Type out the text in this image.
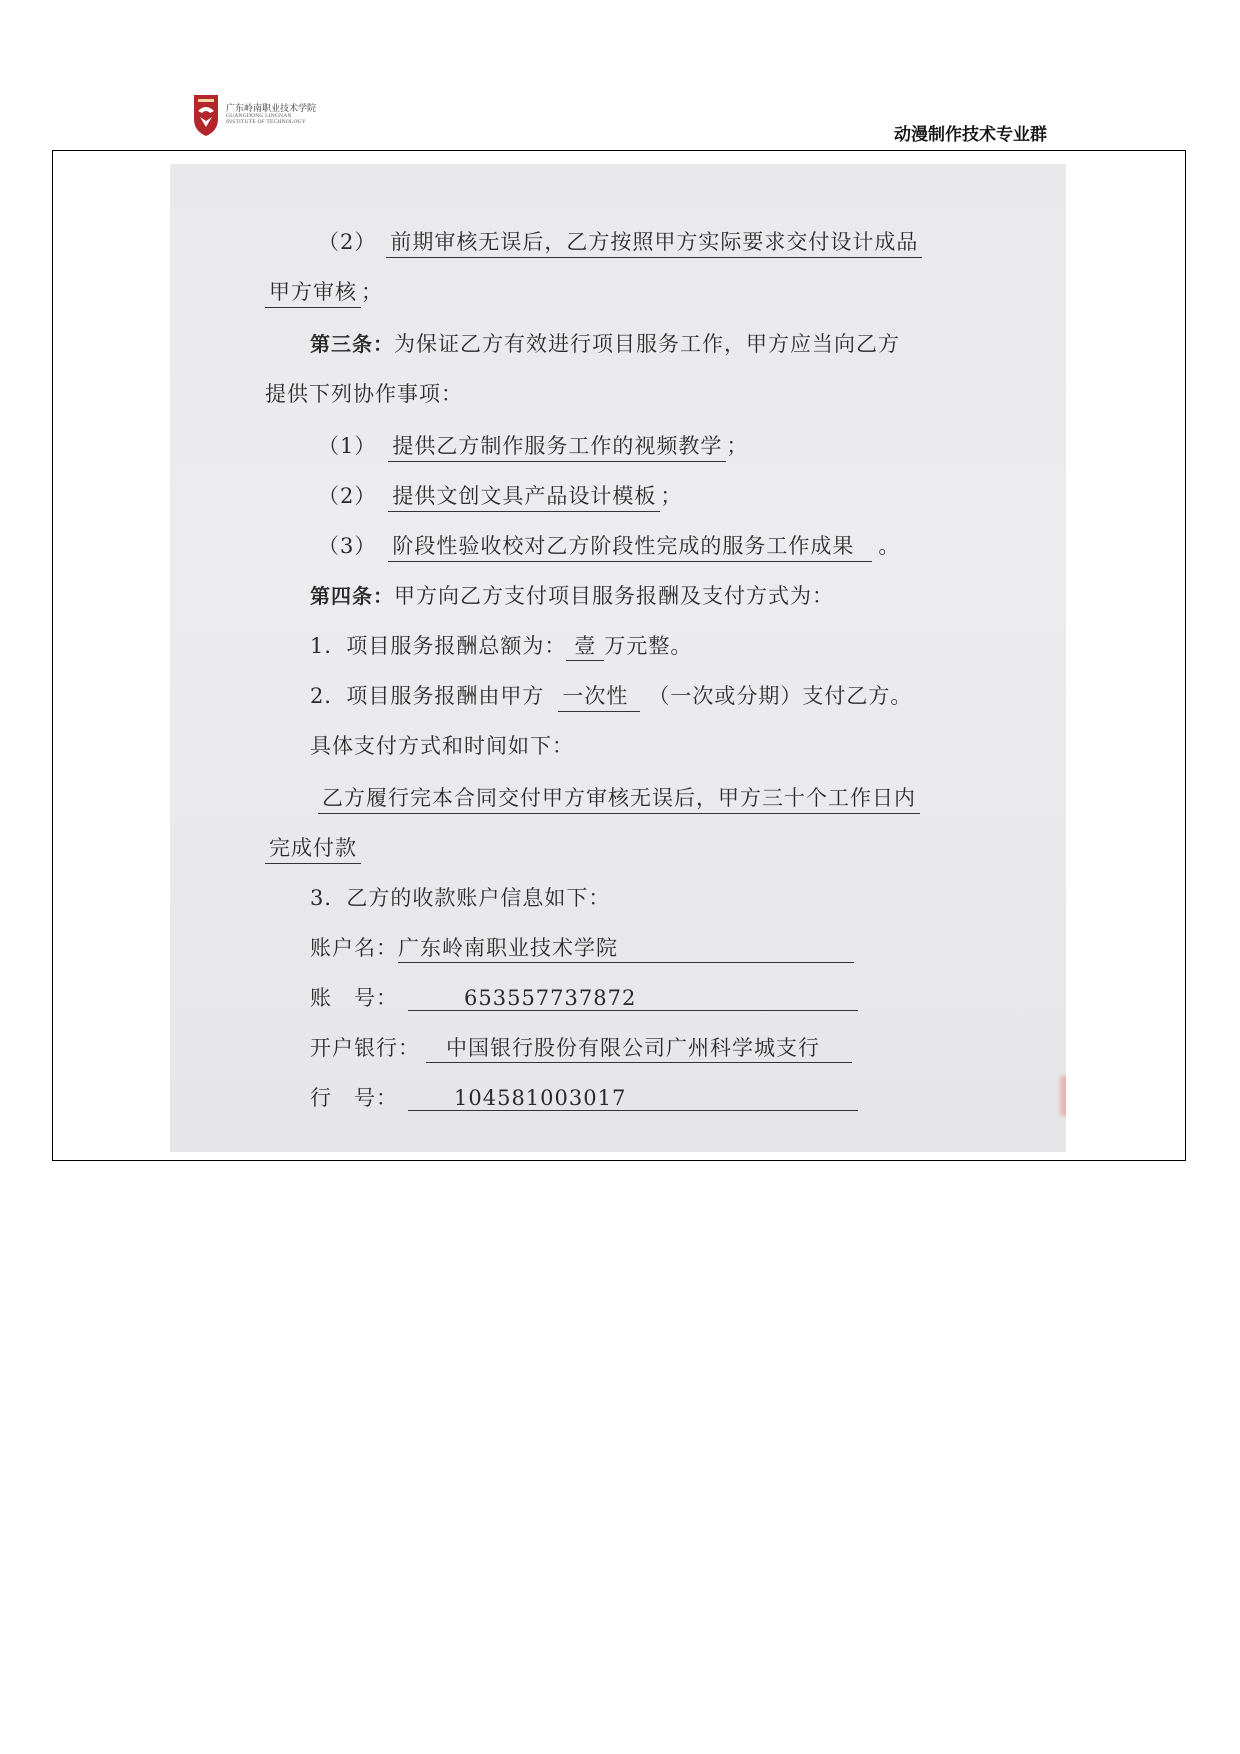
广东岭南职业技术学院
GUANGDONG LINGNAN
INSTITUTE OF TECHNOLOGY
动漫制作技术专业群
（2） 前期审核无误后，乙方按照甲方实际要求交付设计成品
甲方审核 ；
第三条：为保证乙方有效进行项目服务工作，甲方应当向乙方
提供下列协作事项：
（1） 提供乙方制作服务工作的视频教学 ；
（2） 提供文创文具产品设计模板 ；
（3） 阶段性验收校对乙方阶段性完成的服务工作成果 。
第四条：甲方向乙方支付项目服务报酬及支付方式为：
1．项目服务报酬总额为： 壹 万元整。
2．项目服务报酬由甲方 一次性 （一次或分期）支付乙方。
具体支付方式和时间如下：
乙方履行完本合同交付甲方审核无误后，甲方三十个工作日内
完成付款
3．乙方的收款账户信息如下：
账户名：广东岭南职业技术学院
账　号：	653557737872
开户银行： 中国银行股份有限公司广州科学城支行
行　号：	104581003017
